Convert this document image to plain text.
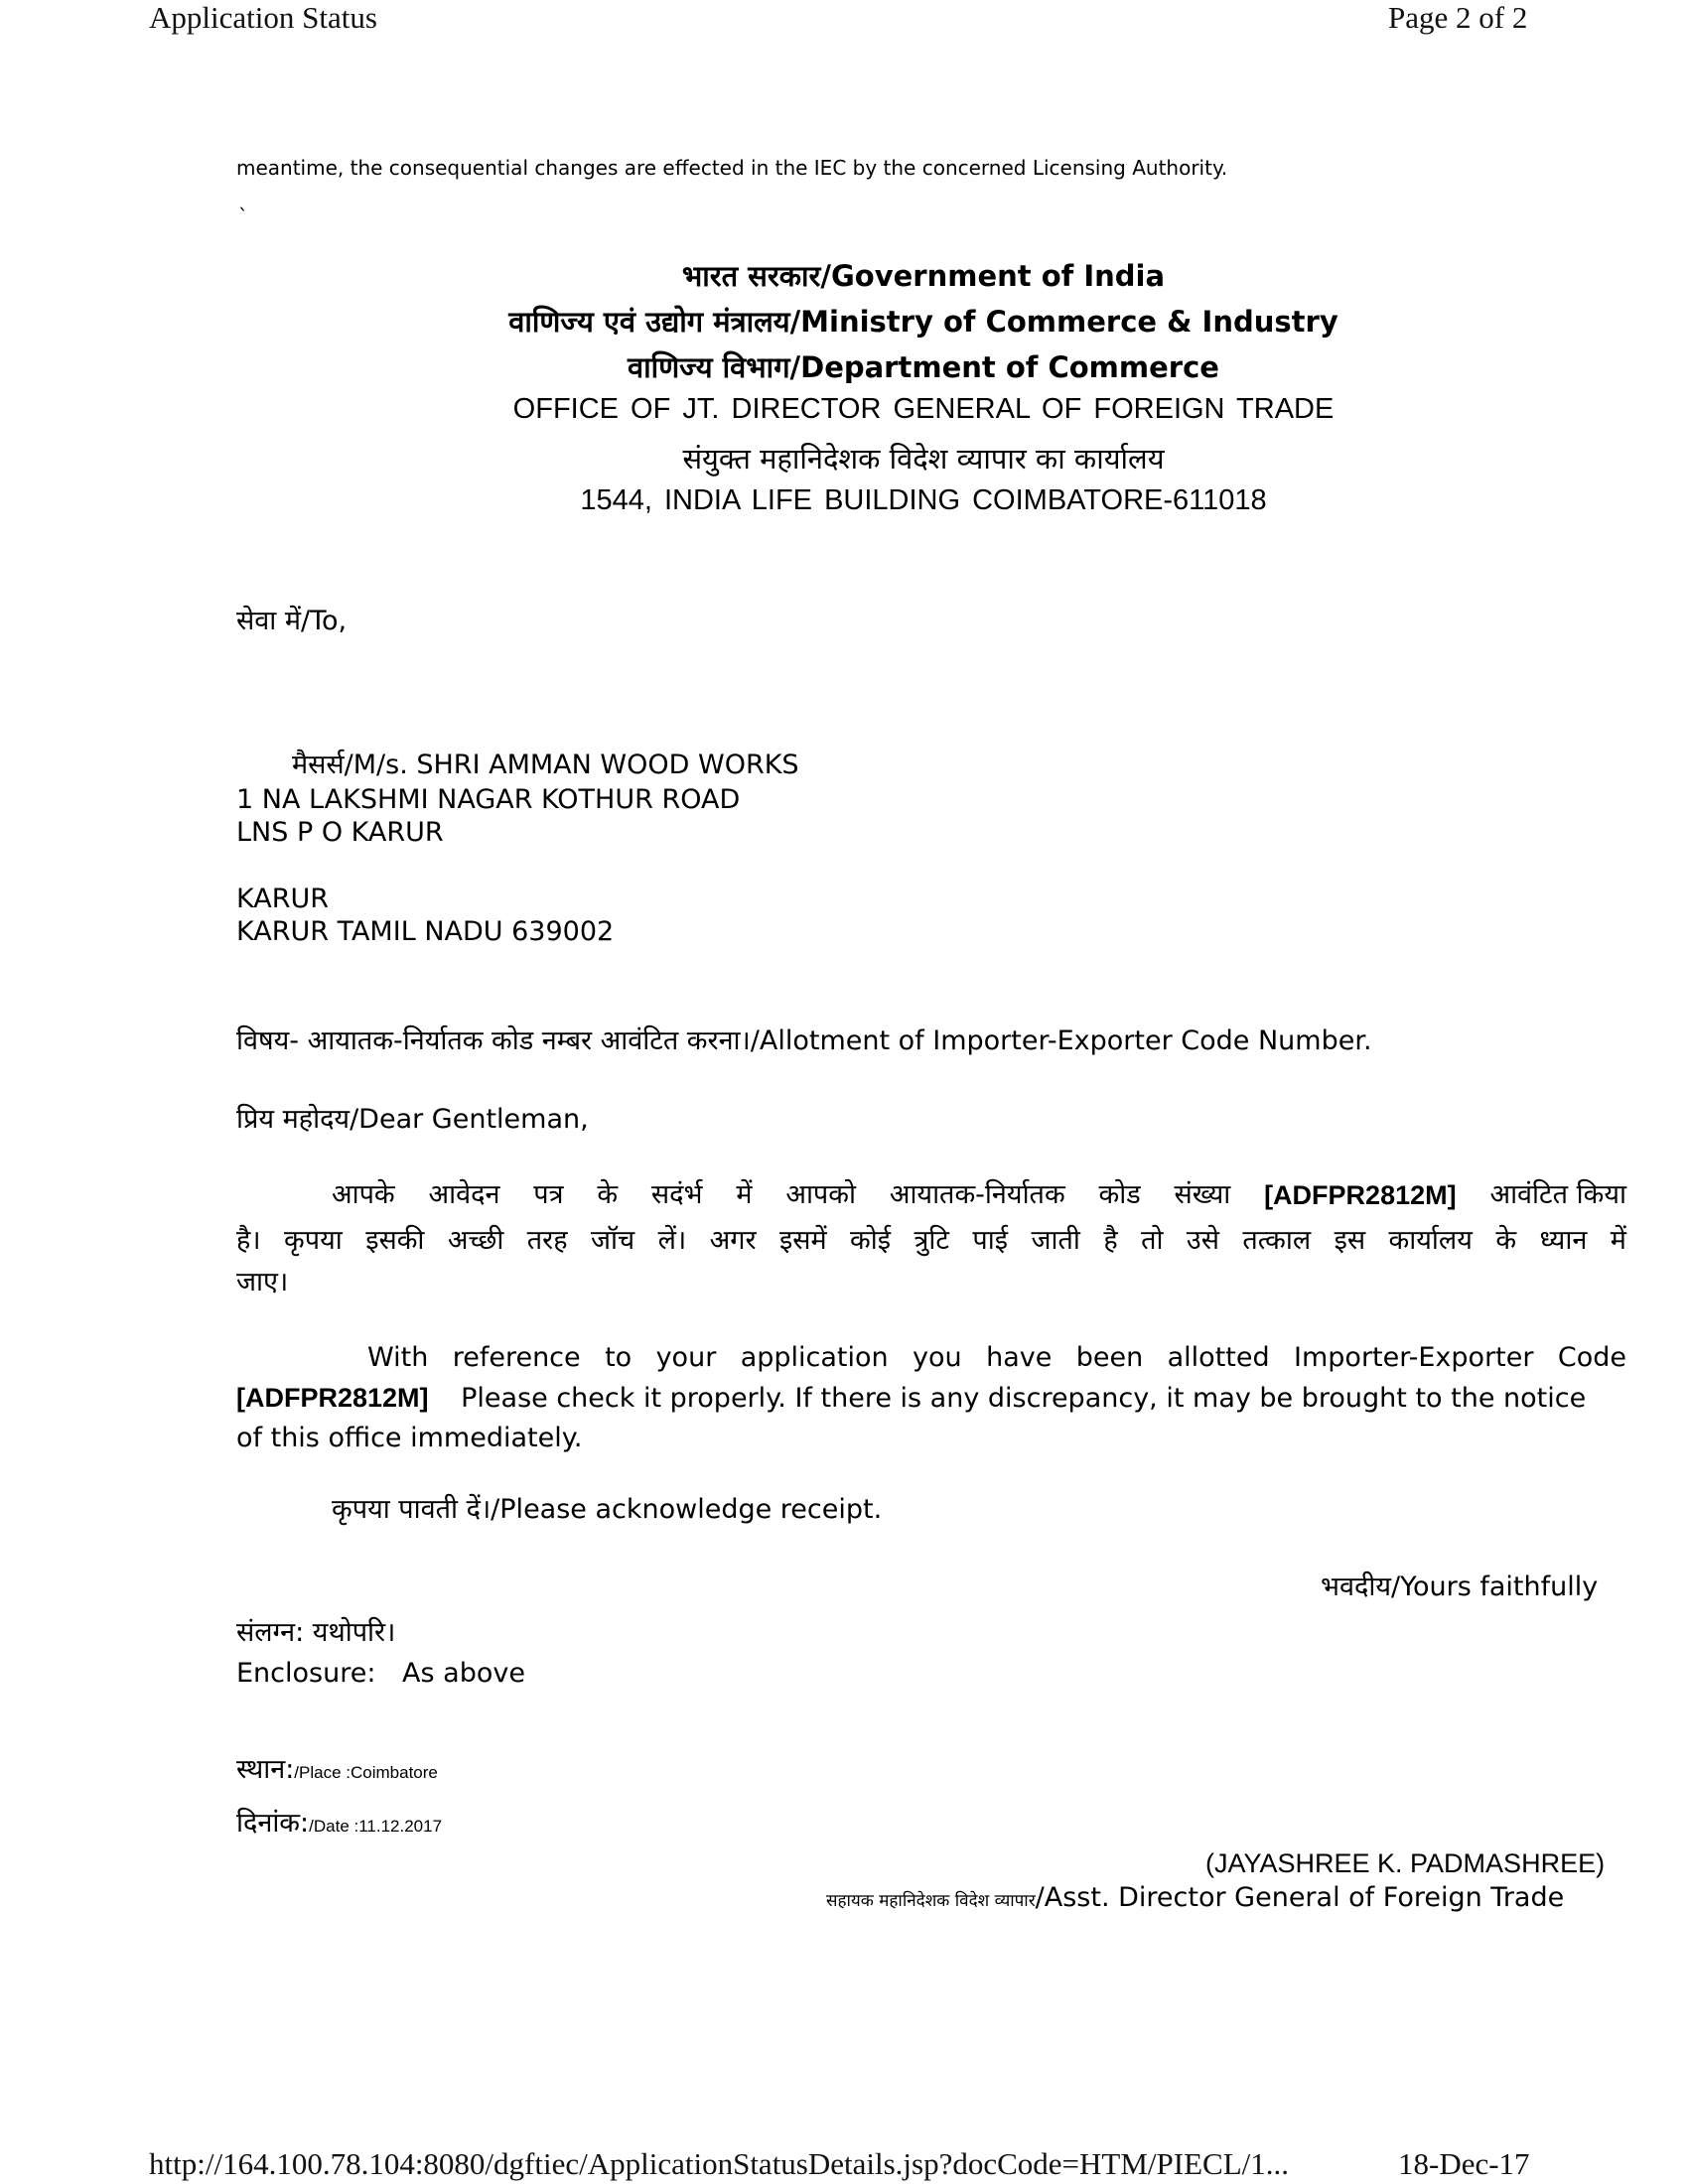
Application Status	Page 2 of 2
meantime, the consequential changes are effected in the IEC by the concerned Licensing Authority.
`
भारत सरकार/Government of India
वाणिज्य एवं उद्योग मंत्रालय/Ministry of Commerce & Industry
वाणिज्य विभाग/Department of Commerce
OFFICE OF JT. DIRECTOR GENERAL OF FOREIGN TRADE
संयुक्त महानिदेशक विदेश व्यापार का कार्यालय
1544, INDIA LIFE BUILDING COIMBATORE-611018
सेवा में/To,
मैसर्स/M/s. SHRI AMMAN WOOD WORKS
1 NA LAKSHMI NAGAR KOTHUR ROAD
LNS P O KARUR
KARUR
KARUR TAMIL NADU 639002
विषय- आयातक-निर्यातक कोड नम्बर आवंटित करना।/Allotment of Importer-Exporter Code Number.
प्रिय महोदय/Dear Gentleman,
आपके आवेदन पत्र के सदंर्भ में आपको आयातक-निर्यातक कोड संख्या [ADFPR2812M] आवंटित किया
है। कृपया इसकी अच्छी तरह जॉच लें। अगर इसमें कोई त्रुटि पाई जाती है तो उसे तत्काल इस कार्यालय के ध्यान में
जाए।
With reference to your application you have been allotted Importer-Exporter Code
[ADFPR2812M] Please check it properly. If there is any discrepancy, it may be brought to the notice
of this office immediately.
कृपया पावती दें।/Please acknowledge receipt.
भवदीय/Yours faithfully
संलग्न: यथोपरि।
Enclosure: As above
स्थान:/Place :Coimbatore
दिनांक:/Date :11.12.2017
(JAYASHREE K. PADMASHREE)
सहायक महानिदेशक विदेश व्यापार/Asst. Director General of Foreign Trade
http://164.100.78.104:8080/dgftiec/ApplicationStatusDetails.jsp?docCode=HTM/PIECL/1...	18-Dec-17
